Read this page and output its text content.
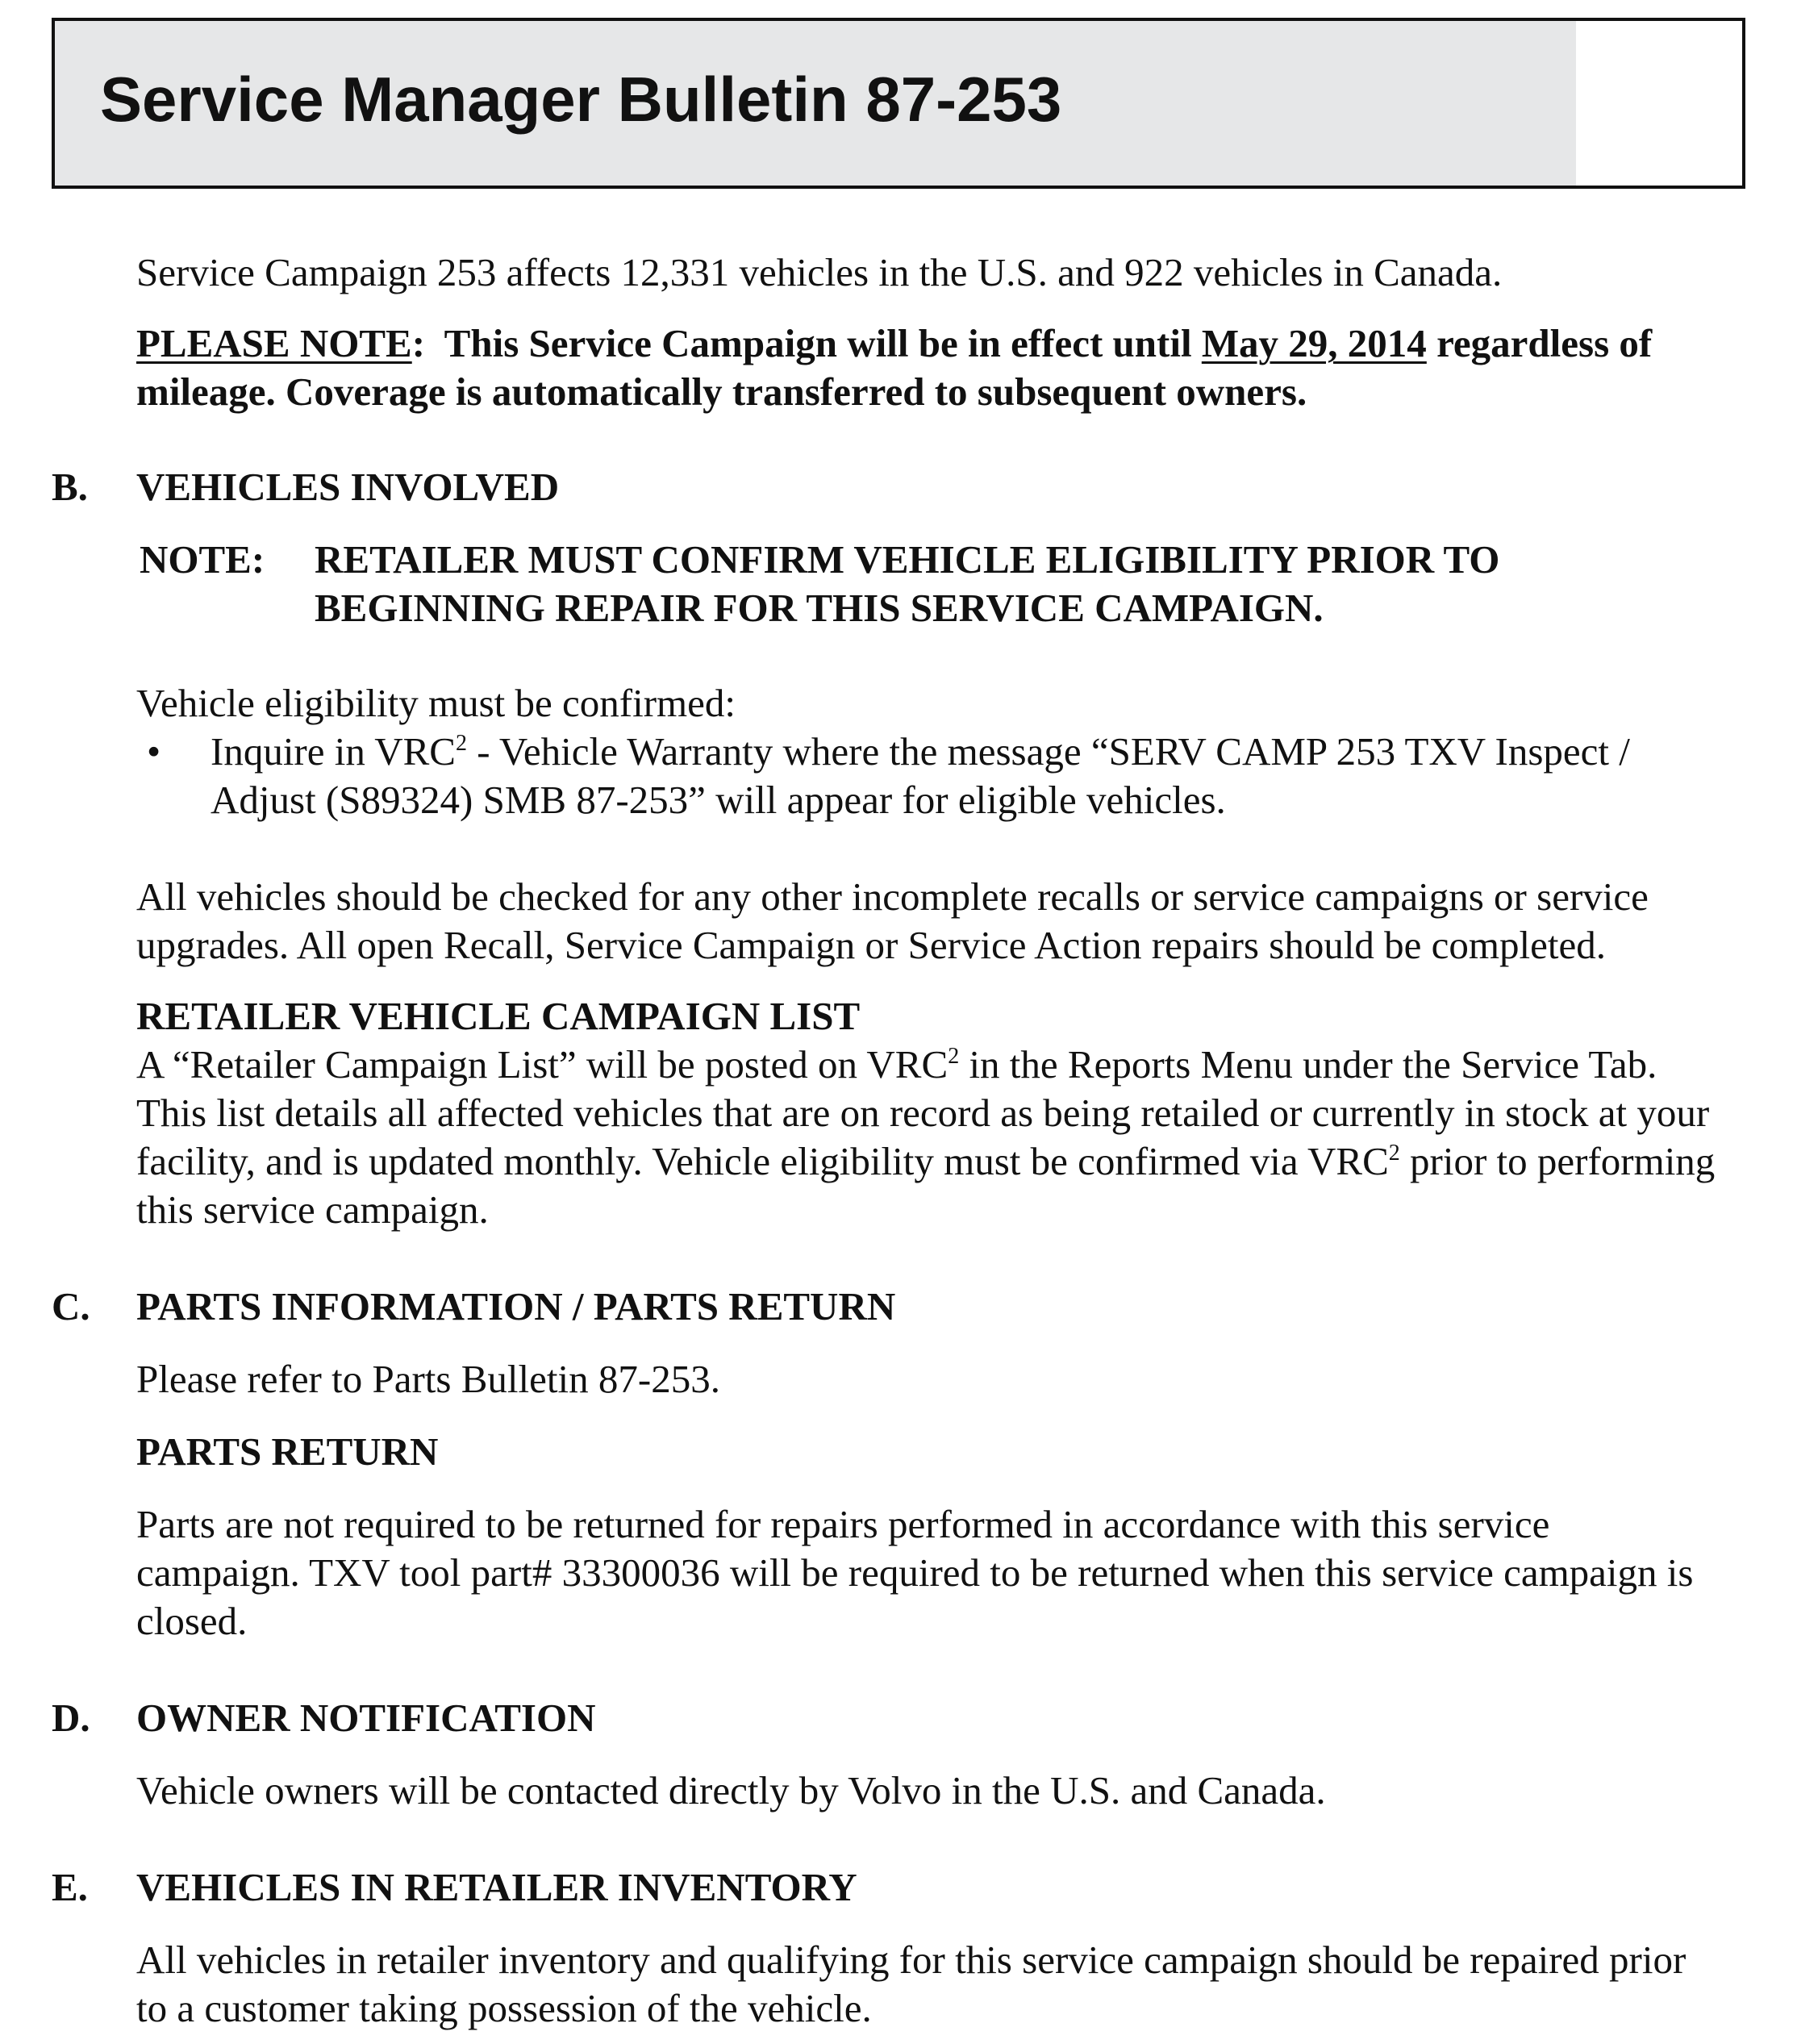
Service Manager Bulletin 87-253

Service Campaign 253 affects 12,331 vehicles in the U.S. and 922 vehicles in Canada.

PLEASE NOTE:  This Service Campaign will be in effect until May 29, 2014 regardless of

mileage. Coverage is automatically transferred to subsequent owners.

B. VEHICLES INVOLVED

NOTE: RETAILER MUST CONFIRM VEHICLE ELIGIBILITY PRIOR TO

BEGINNING REPAIR FOR THIS SERVICE CAMPAIGN.

Vehicle eligibility must be confirmed:

• Inquire in VRC$^2$ - Vehicle Warranty where the message “SERV CAMP 253 TXV Inspect /

Adjust (S89324) SMB 87-253” will appear for eligible vehicles.

All vehicles should be checked for any other incomplete recalls or service campaigns or service

upgrades. All open Recall, Service Campaign or Service Action repairs should be completed.

RETAILER VEHICLE CAMPAIGN LIST

A “Retailer Campaign List” will be posted on VRC$^2$ in the Reports Menu under the Service Tab.

This list details all affected vehicles that are on record as being retailed or currently in stock at your

facility, and is updated monthly. Vehicle eligibility must be confirmed via VRC$^2$ prior to performing

this service campaign.

C. PARTS INFORMATION / PARTS RETURN

Please refer to Parts Bulletin 87-253.

PARTS RETURN

Parts are not required to be returned for repairs performed in accordance with this service

campaign. TXV tool part# 33300036 will be required to be returned when this service campaign is

closed.

D. OWNER NOTIFICATION

Vehicle owners will be contacted directly by Volvo in the U.S. and Canada.

E. VEHICLES IN RETAILER INVENTORY

All vehicles in retailer inventory and qualifying for this service campaign should be repaired prior

to a customer taking possession of the vehicle.
